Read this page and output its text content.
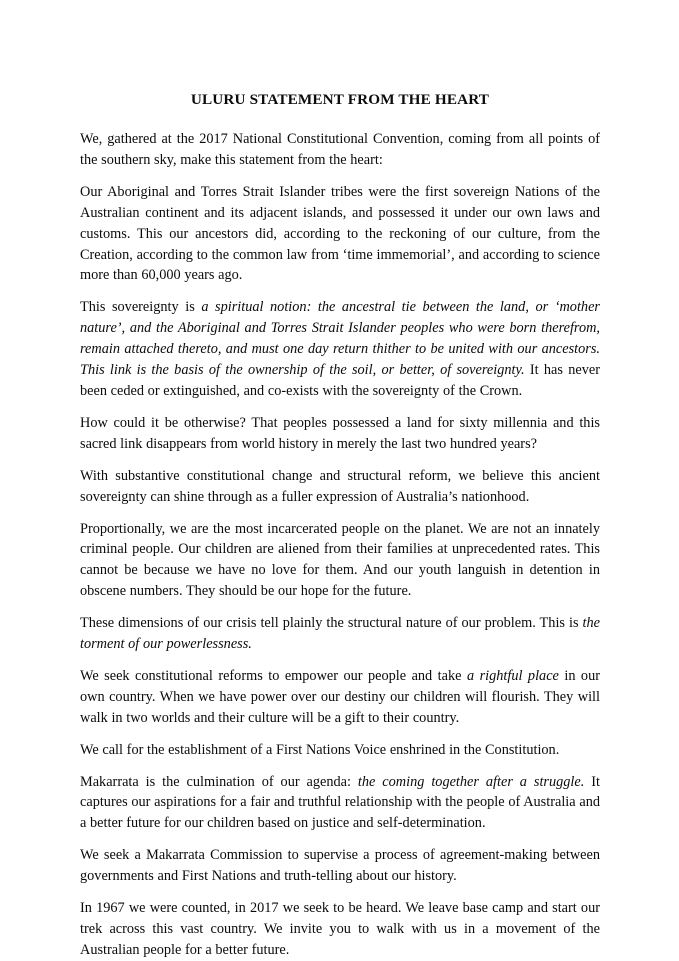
ULURU STATEMENT FROM THE HEART

We, gathered at the 2017 National Constitutional Convention, coming from all points of the southern sky, make this statement from the heart:

Our Aboriginal and Torres Strait Islander tribes were the first sovereign Nations of the Australian continent and its adjacent islands, and possessed it under our own laws and customs. This our ancestors did, according to the reckoning of our culture, from the Creation, according to the common law from ‘time immemorial’, and according to science more than 60,000 years ago.

This sovereignty is a spiritual notion: the ancestral tie between the land, or ‘mother nature’, and the Aboriginal and Torres Strait Islander peoples who were born therefrom, remain attached thereto, and must one day return thither to be united with our ancestors. This link is the basis of the ownership of the soil, or better, of sovereignty. It has never been ceded or extinguished, and co-exists with the sovereignty of the Crown.

How could it be otherwise? That peoples possessed a land for sixty millennia and this sacred link disappears from world history in merely the last two hundred years?

With substantive constitutional change and structural reform, we believe this ancient sovereignty can shine through as a fuller expression of Australia’s nationhood.

Proportionally, we are the most incarcerated people on the planet. We are not an innately criminal people. Our children are aliened from their families at unprecedented rates. This cannot be because we have no love for them. And our youth languish in detention in obscene numbers. They should be our hope for the future.

These dimensions of our crisis tell plainly the structural nature of our problem. This is the torment of our powerlessness.

We seek constitutional reforms to empower our people and take a rightful place in our own country. When we have power over our destiny our children will flourish. They will walk in two worlds and their culture will be a gift to their country.

We call for the establishment of a First Nations Voice enshrined in the Constitution.

Makarrata is the culmination of our agenda: the coming together after a struggle. It captures our aspirations for a fair and truthful relationship with the people of Australia and a better future for our children based on justice and self-determination.

We seek a Makarrata Commission to supervise a process of agreement-making between governments and First Nations and truth-telling about our history.

In 1967 we were counted, in 2017 we seek to be heard. We leave base camp and start our trek across this vast country. We invite you to walk with us in a movement of the Australian people for a better future.
